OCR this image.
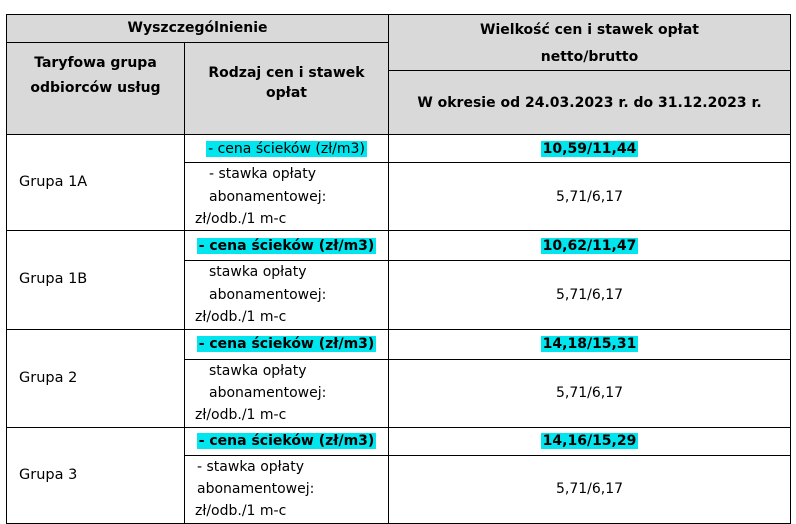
Wyszczególnienie		Wielkość cen i stawek opłat netto/brutto

Taryfowa grupa odbiorców usług	Rodzaj cen i stawek opłat	

		W okresie od 24.03.2023 r. do 31.12.2023 r.
Grupa 1A	- cena ścieków (zł/m3)	10,59/11,44

	- stawka opłaty
abonamentowej:
zł/odb./1 m-c	5,71/6,17
Grupa 1B	- cena ścieków (zł/m3)	10,62/11,47

	stawka opłaty
abonamentowej:
zł/odb./1 m-c	5,71/6,17
Grupa 2	- cena ścieków (zł/m3)	14,18/15,31

	stawka opłaty
abonamentowej:
zł/odb./1 m-c	5,71/6,17
Grupa 3	- cena ścieków (zł/m3)	14,16/15,29

	- stawka opłaty
abonamentowej:
zł/odb./1 m-c	5,71/6,17
